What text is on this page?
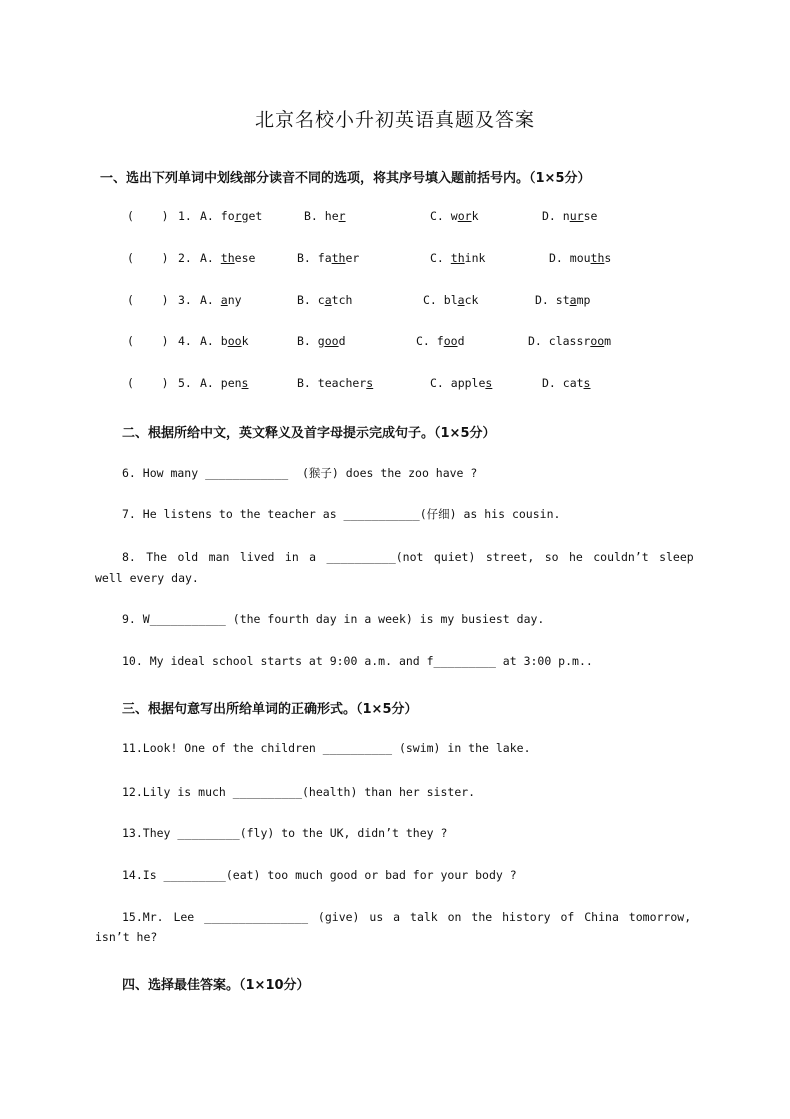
北京名校小升初英语真题及答案
一、选出下列单词中划线部分读音不同的选项，将其序号填入题前括号内。（1×5分）
(    ) 1. A. forget	B. her	C. work	D. nurse
(    ) 2. A. these	B. father	C. think	D. mouths
(    ) 3. A. any	B. catch	C. black	D. stamp
(    ) 4. A. book	B. good	C. food	D. classroom
(    ) 5. A. pens	B. teachers	C. apples	D. cats
二、根据所给中文，英文释义及首字母提示完成句子。（1×5分）
6. How many ____________  (猴子) does the zoo have ?
7. He listens to the teacher as ___________(仔细) as his cousin.
8. The old man lived in a __________(not quiet) street, so he couldn’t sleep
well every day.
9. W___________ (the fourth day in a week) is my busiest day.
10. My ideal school starts at 9:00 a.m. and f_________ at 3:00 p.m..
三、根据句意写出所给单词的正确形式。（1×5分）
11.Look! One of the children __________ (swim) in the lake.
12.Lily is much __________(health) than her sister.
13.They _________(fly) to the UK, didn’t they ?
14.Is _________(eat) too much good or bad for your body ?
15.Mr. Lee _______________ (give) us a talk on the history of China tomorrow,
isn’t he?
四、选择最佳答案。（1×10分）
